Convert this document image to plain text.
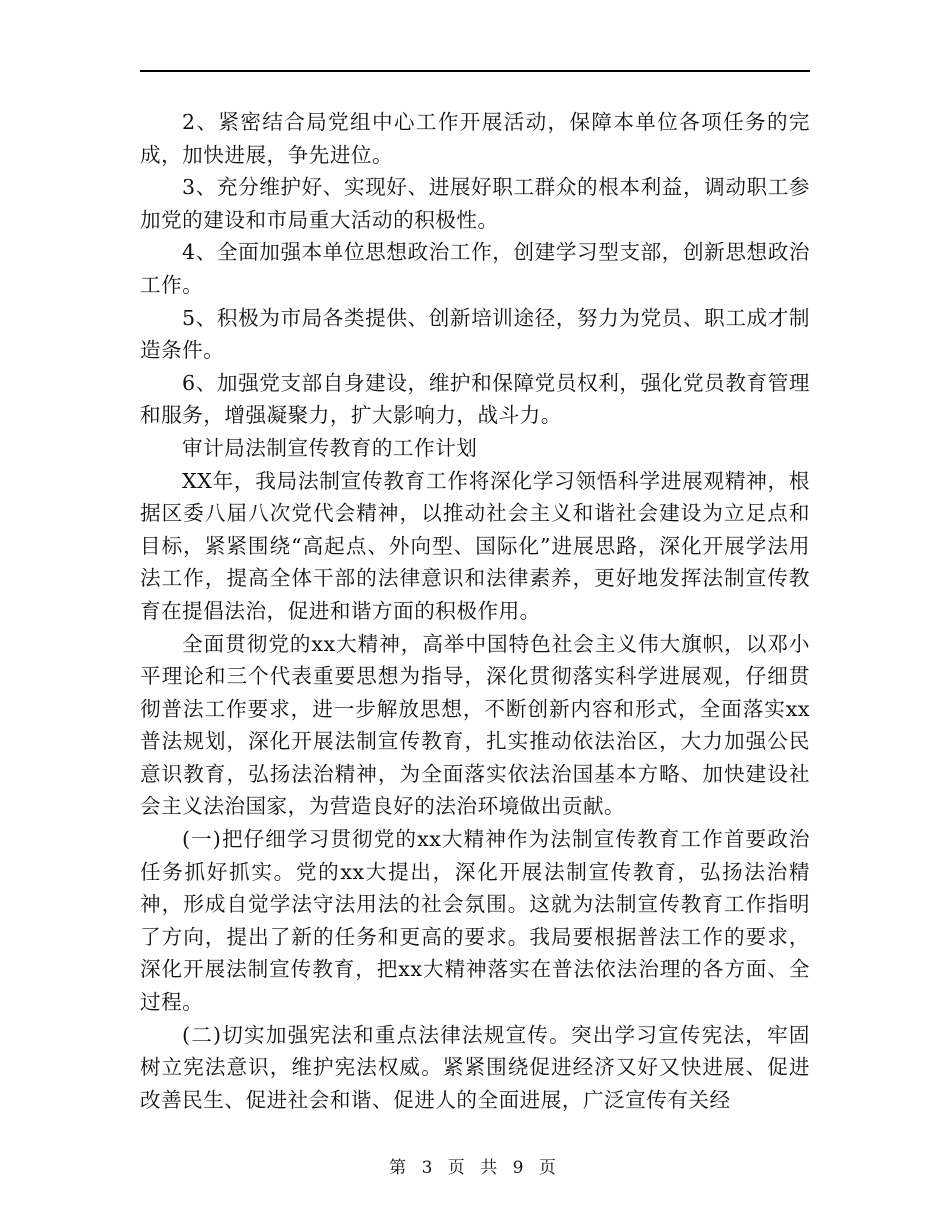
2、紧密结合局党组中心工作开展活动，保障本单位各项任务的完成，加快进展，争先进位。

3、充分维护好、实现好、进展好职工群众的根本利益，调动职工参加党的建设和市局重大活动的积极性。

4、全面加强本单位思想政治工作，创建学习型支部，创新思想政治工作。

5、积极为市局各类提供、创新培训途径，努力为党员、职工成才制造条件。

6、加强党支部自身建设，维护和保障党员权利，强化党员教育管理和服务，增强凝聚力，扩大影响力，战斗力。

审计局法制宣传教育的工作计划

XX年，我局法制宣传教育工作将深化学习领悟科学进展观精神，根据区委八届八次党代会精神，以推动社会主义和谐社会建设为立足点和目标，紧紧围绕“高起点、外向型、国际化”进展思路，深化开展学法用法工作，提高全体干部的法律意识和法律素养，更好地发挥法制宣传教育在提倡法治，促进和谐方面的积极作用。

全面贯彻党的xx大精神，高举中国特色社会主义伟大旗帜，以邓小平理论和三个代表重要思想为指导，深化贯彻落实科学进展观，仔细贯彻普法工作要求，进一步解放思想，不断创新内容和形式，全面落实xx普法规划，深化开展法制宣传教育，扎实推动依法治区，大力加强公民意识教育，弘扬法治精神，为全面落实依法治国基本方略、加快建设社会主义法治国家，为营造良好的法治环境做出贡献。

(一)把仔细学习贯彻党的xx大精神作为法制宣传教育工作首要政治任务抓好抓实。党的xx大提出，深化开展法制宣传教育，弘扬法治精神，形成自觉学法守法用法的社会氛围。这就为法制宣传教育工作指明了方向，提出了新的任务和更高的要求。我局要根据普法工作的要求，深化开展法制宣传教育，把xx大精神落实在普法依法治理的各方面、全过程。

(二)切实加强宪法和重点法律法规宣传。突出学习宣传宪法，牢固树立宪法意识，维护宪法权威。紧紧围绕促进经济又好又快进展、促进改善民生、促进社会和谐、促进人的全面进展，广泛宣传有关经

第 3 页 共 9 页
